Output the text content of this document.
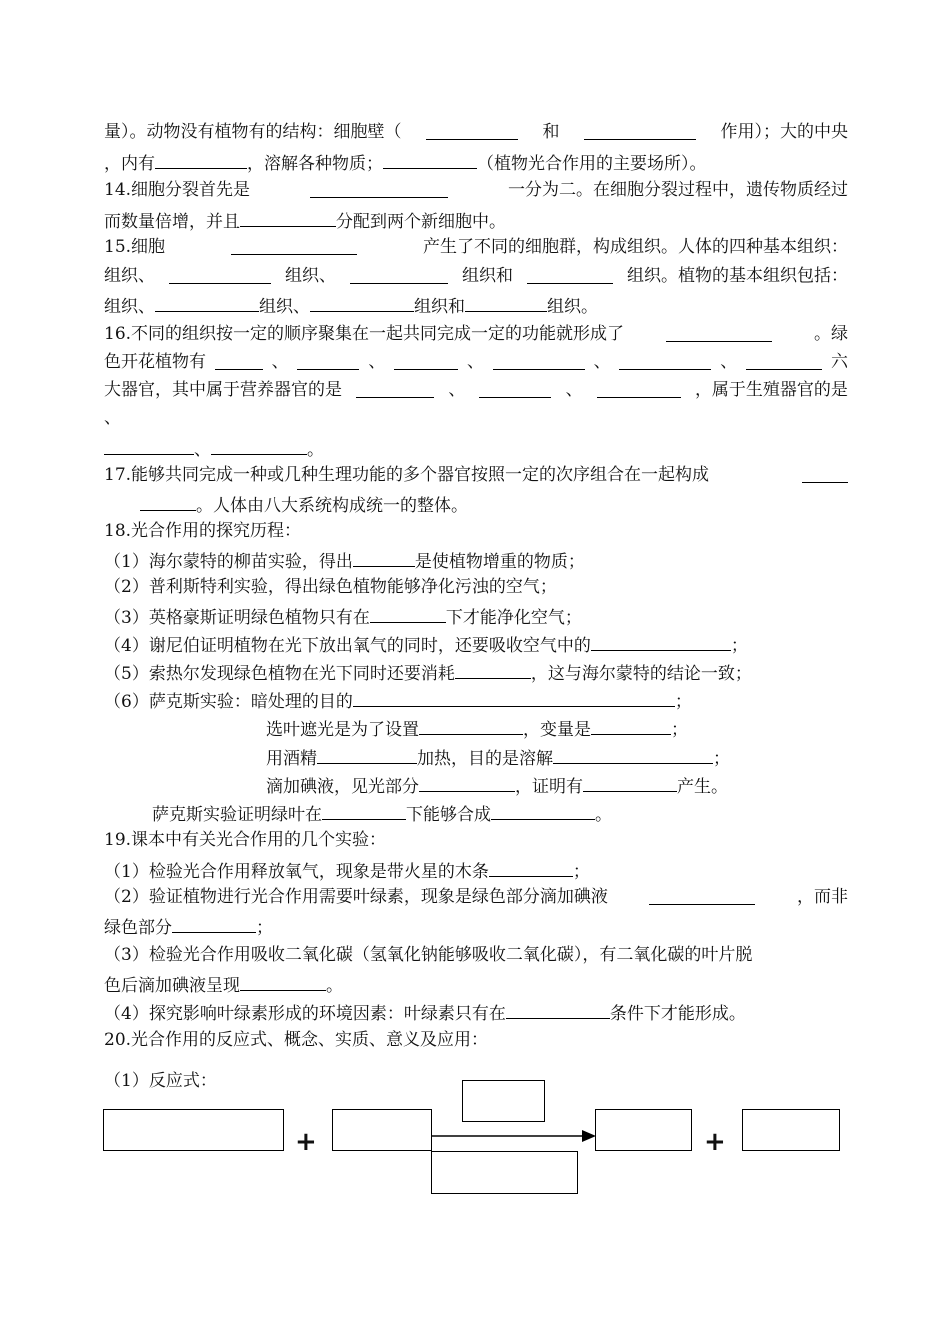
量）。动物没有植物有的结构：细胞壁（	和	作用）；大的中央
，内有	，溶解各种物质；	（植物光合作用的主要场所）。
14.细胞分裂首先是	一分为二。在细胞分裂过程中，遗传物质经过
而数量倍增，并且	分配到两个新细胞中。
15.细胞	产生了不同的细胞群，构成组织。人体的四种基本组织：
组织、	组织、	组织和	组织。植物的基本组织包括：
组织、	组织、	组织和	组织。
16.不同的组织按一定的顺序聚集在一起共同完成一定的功能就形成了	。绿
色开花植物有	、	、	、	、	、	六
大器官，其中属于营养器官的是	、	、	，属于生殖器官的是
、
、	。
17.能够共同完成一种或几种生理功能的多个器官按照一定的次序组合在一起构成
。人体由八大系统构成统一的整体。
18.光合作用的探究历程：
（1）海尔蒙特的柳苗实验，得出	是使植物增重的物质；
（2）普利斯特利实验，得出绿色植物能够净化污浊的空气；
（3）英格豪斯证明绿色植物只有在	下才能净化空气；
（4）谢尼伯证明植物在光下放出氧气的同时，还要吸收空气中的	；
（5）索热尔发现绿色植物在光下同时还要消耗	，这与海尔蒙特的结论一致；
（6）萨克斯实验：暗处理的目的	；
选叶遮光是为了设置	，变量是	；
用酒精	加热，目的是溶解	；
滴加碘液，见光部分	，证明有	产生。
萨克斯实验证明绿叶在	下能够合成	。
19.课本中有关光合作用的几个实验：
（1）检验光合作用释放氧气，现象是带火星的木条	；
（2）验证植物进行光合作用需要叶绿素，现象是绿色部分滴加碘液	，而非
绿色部分	；
（3）检验光合作用吸收二氧化碳（氢氧化钠能够吸收二氧化碳），有二氧化碳的叶片脱
色后滴加碘液呈现	。
（4）探究影响叶绿素形成的环境因素：叶绿素只有在	条件下才能形成。
20.光合作用的反应式、概念、实质、意义及应用：
（1）反应式：
+	+
